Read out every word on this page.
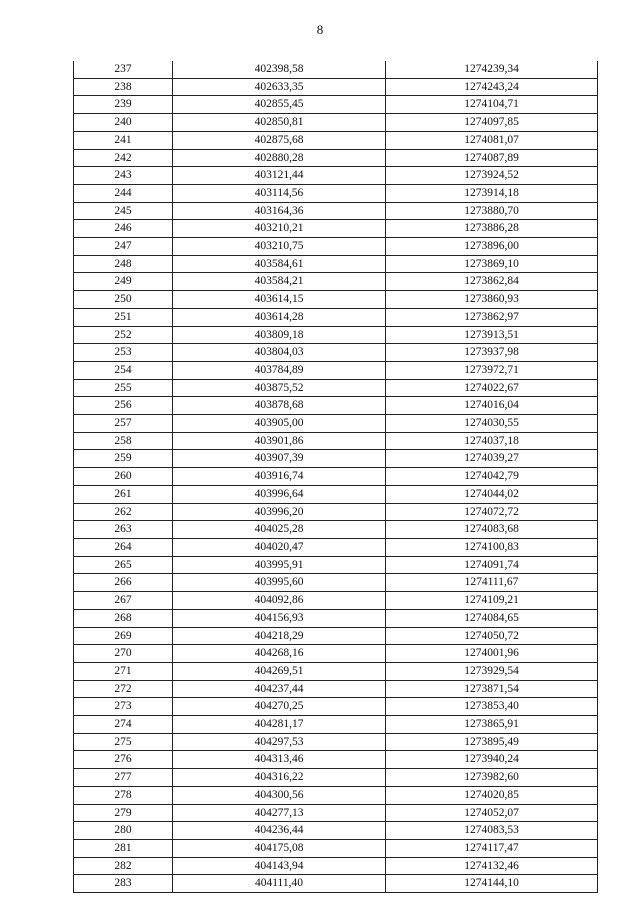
8
237	402398,58	1274239,34
238	402633,35	1274243,24
239	402855,45	1274104,71
240	402850,81	1274097,85
241	402875,68	1274081,07
242	402880,28	1274087,89
243	403121,44	1273924,52
244	403114,56	1273914,18
245	403164,36	1273880,70
246	403210,21	1273886,28
247	403210,75	1273896,00
248	403584,61	1273869,10
249	403584,21	1273862,84
250	403614,15	1273860,93
251	403614,28	1273862,97
252	403809,18	1273913,51
253	403804,03	1273937,98
254	403784,89	1273972,71
255	403875,52	1274022,67
256	403878,68	1274016,04
257	403905,00	1274030,55
258	403901,86	1274037,18
259	403907,39	1274039,27
260	403916,74	1274042,79
261	403996,64	1274044,02
262	403996,20	1274072,72
263	404025,28	1274083,68
264	404020,47	1274100,83
265	403995,91	1274091,74
266	403995,60	1274111,67
267	404092,86	1274109,21
268	404156,93	1274084,65
269	404218,29	1274050,72
270	404268,16	1274001,96
271	404269,51	1273929,54
272	404237,44	1273871,54
273	404270,25	1273853,40
274	404281,17	1273865,91
275	404297,53	1273895,49
276	404313,46	1273940,24
277	404316,22	1273982,60
278	404300,56	1274020,85
279	404277,13	1274052,07
280	404236,44	1274083,53
281	404175,08	1274117,47
282	404143,94	1274132,46
283	404111,40	1274144,10
